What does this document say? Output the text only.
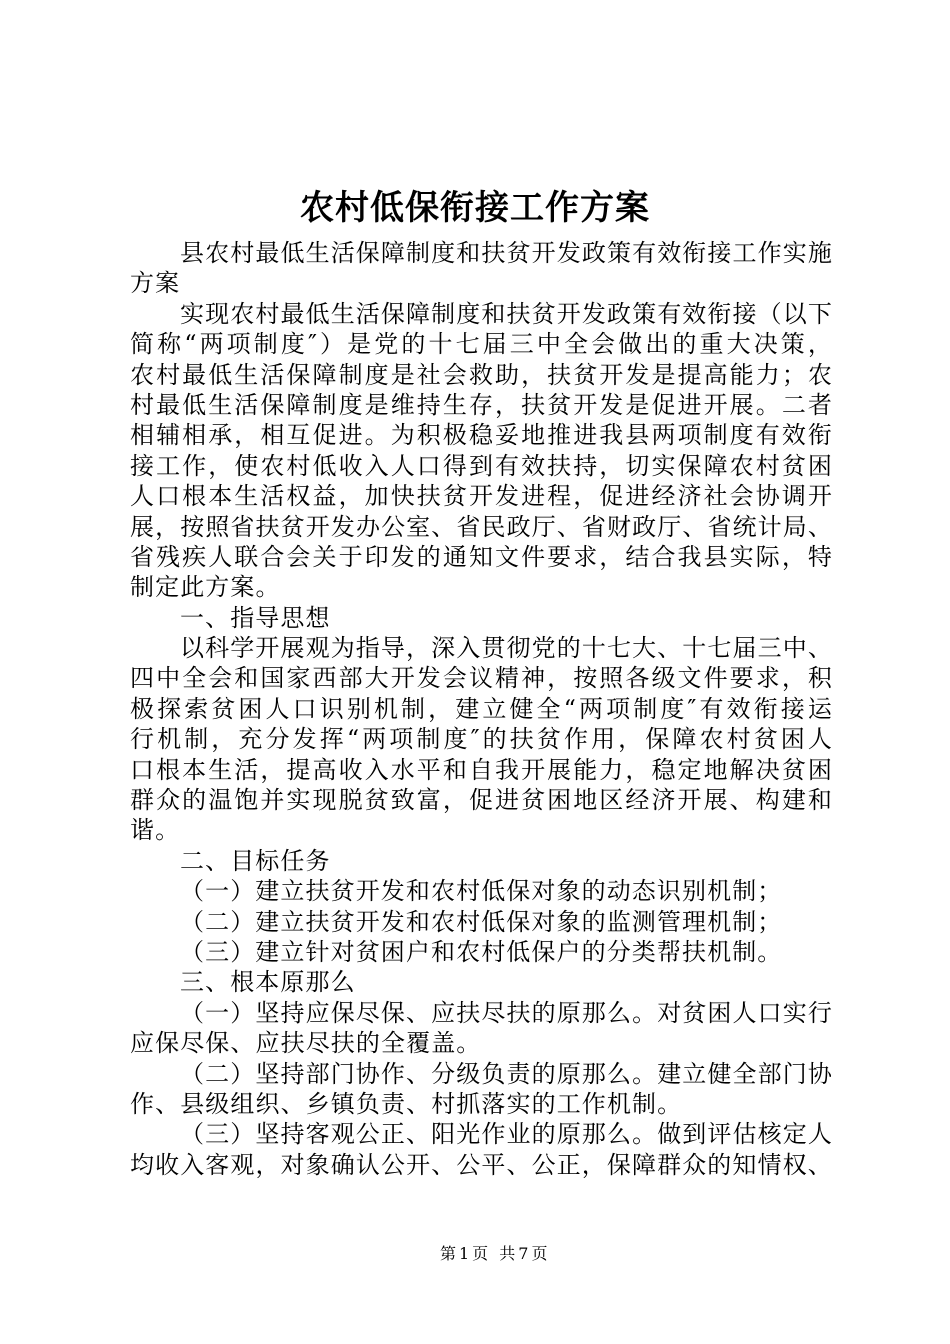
农村低保衔接工作方案
县农村最低生活保障制度和扶贫开发政策有效衔接工作实施
方案
实现农村最低生活保障制度和扶贫开发政策有效衔接（以下
简称“两项制度″）是党的十七届三中全会做出的重大决策，
农村最低生活保障制度是社会救助，扶贫开发是提高能力；农
村最低生活保障制度是维持生存，扶贫开发是促进开展。二者
相辅相承，相互促进。为积极稳妥地推进我县两项制度有效衔
接工作，使农村低收入人口得到有效扶持，切实保障农村贫困
人口根本生活权益，加快扶贫开发进程，促进经济社会协调开
展，按照省扶贫开发办公室、省民政厅、省财政厅、省统计局、
省残疾人联合会关于印发的通知文件要求，结合我县实际，特
制定此方案。
一、指导思想
以科学开展观为指导，深入贯彻党的十七大、十七届三中、
四中全会和国家西部大开发会议精神，按照各级文件要求，积
极探索贫困人口识别机制，建立健全“两项制度″有效衔接运
行机制，充分发挥“两项制度″的扶贫作用，保障农村贫困人
口根本生活，提高收入水平和自我开展能力，稳定地解决贫困
群众的温饱并实现脱贫致富，促进贫困地区经济开展、构建和
谐。
二、目标任务
（一）建立扶贫开发和农村低保对象的动态识别机制；
（二）建立扶贫开发和农村低保对象的监测管理机制；
（三）建立针对贫困户和农村低保户的分类帮扶机制。
三、根本原那么
（一）坚持应保尽保、应扶尽扶的原那么。对贫困人口实行
应保尽保、应扶尽扶的全覆盖。
（二）坚持部门协作、分级负责的原那么。建立健全部门协
作、县级组织、乡镇负责、村抓落实的工作机制。
（三）坚持客观公正、阳光作业的原那么。做到评估核定人
均收入客观，对象确认公开、公平、公正，保障群众的知情权、
第1页 共7页
